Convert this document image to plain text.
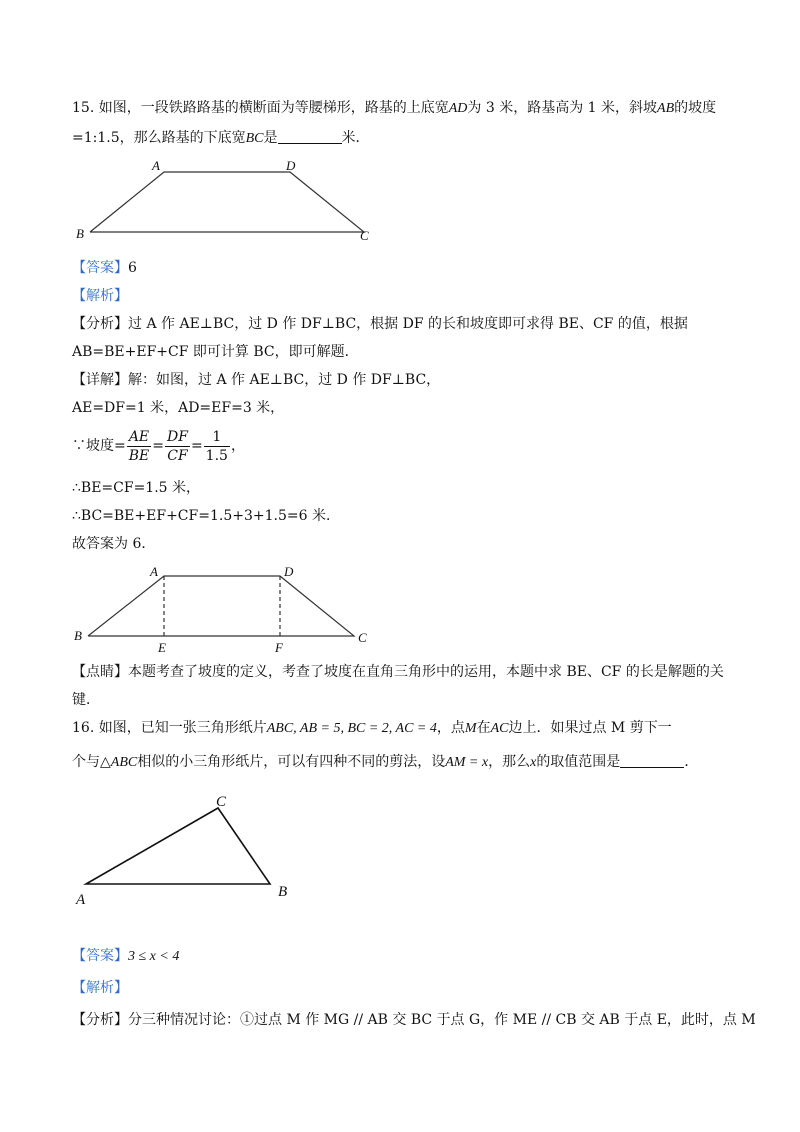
15. 如图，一段铁路路基的横断面为等腰梯形，路基的上底宽AD为 3 米，路基高为 1 米，斜坡AB的坡度
=1:1.5，那么路基的下底宽BC是	米．
A	D
B	C
【答案】6
【解析】
【分析】过 A 作 AE⊥BC，过 D 作 DF⊥BC，根据 DF 的长和坡度即可求得 BE、CF 的值，根据
AB=BE+EF+CF 即可计算 BC，即可解题．
【详解】解：如图，过 A 作 AE⊥BC，过 D 作 DF⊥BC，
AE=DF=1 米，AD=EF=3 米，
∵坡度= $\frac{AE}{BE} = \frac{DF}{CF} = \frac{1}{1.5}$ ，
∴BE=CF=1.5 米，
∴BC=BE+EF+CF=1.5+3+1.5=6 米．
故答案为 6．
A	D
B	C
E	F
【点睛】本题考查了坡度的定义，考查了坡度在直角三角形中的运用，本题中求 BE、CF 的长是解题的关
键．
16. 如图，已知一张三角形纸片ABC, AB = 5, BC = 2, AC = 4，点M在AC边上．如果过点 M 剪下一
个与△ABC相似的小三角形纸片，可以有四种不同的剪法，设AM = x，那么x的取值范围是	．
C
A	B
【答案】3 ≤ x < 4
【解析】
【分析】分三种情况讨论：①过点 M 作 MG // AB 交 BC 于点 G，作 ME // CB 交 AB 于点 E，此时，点 M
